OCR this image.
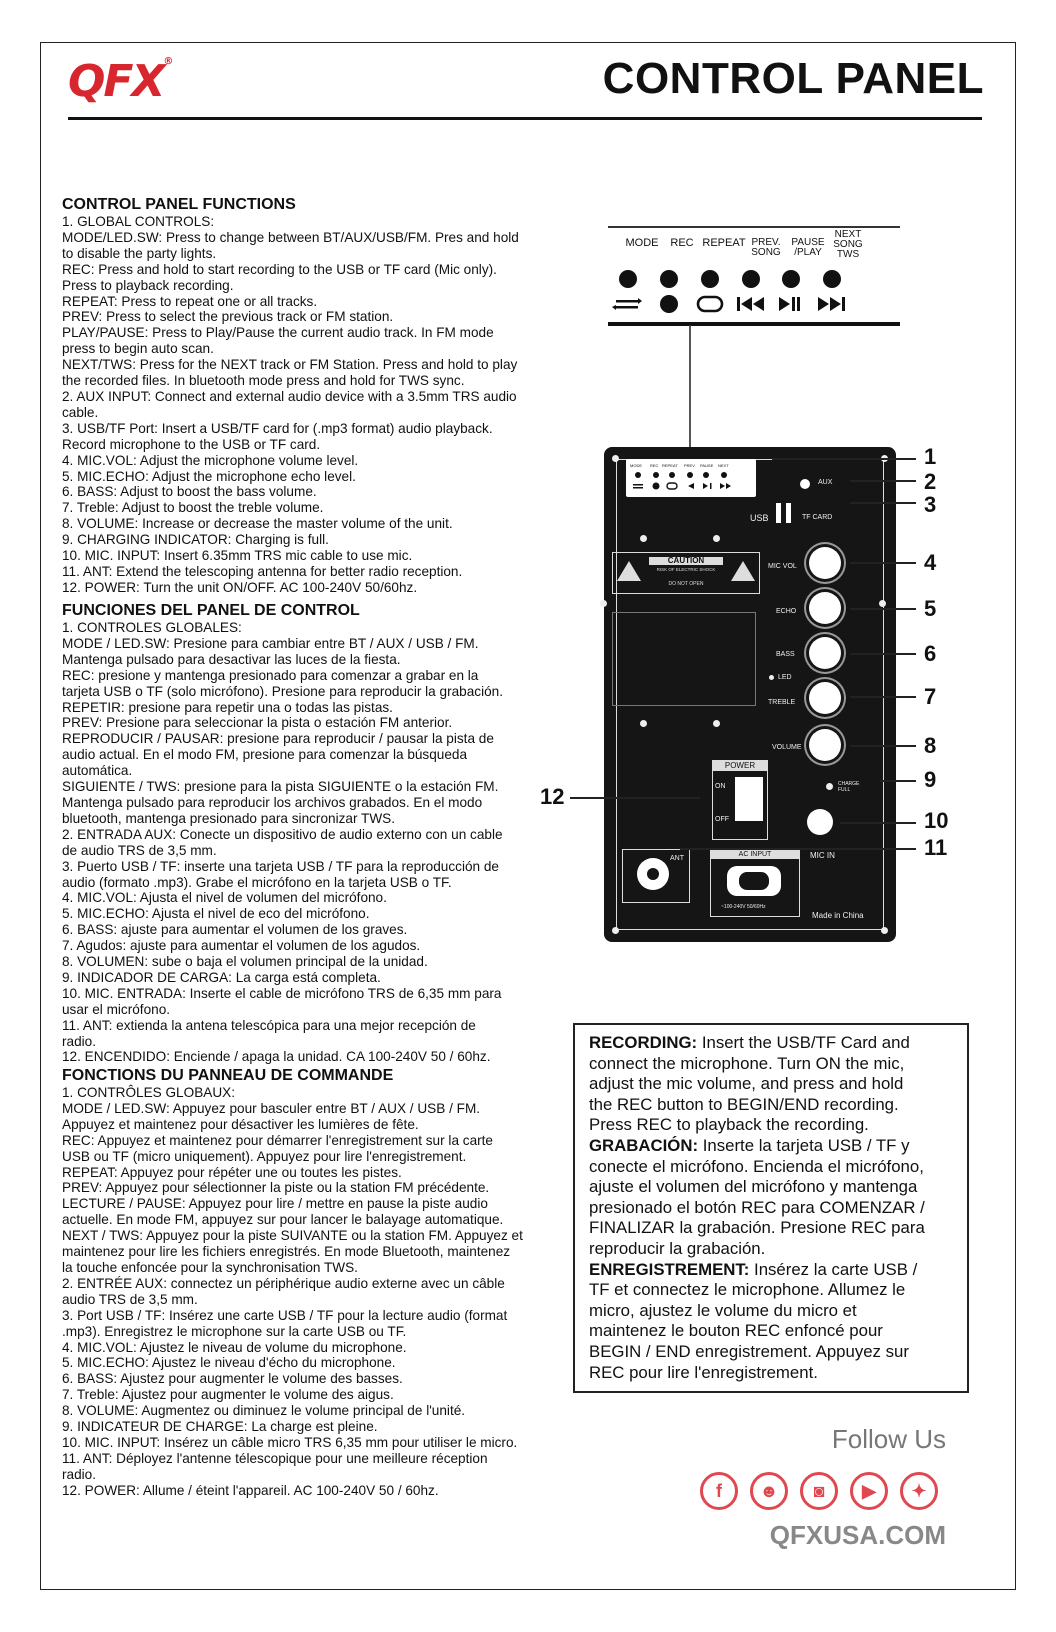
QFX®	CONTROL PANEL
CONTROL PANEL FUNCTIONS
1. GLOBAL CONTROLS:
MODE/LED.SW: Press to change between BT/AUX/USB/FM. Pres and hold
to disable the party lights.
REC: Press and hold to start recording to the USB or TF card (Mic only).
Press to playback recording.
REPEAT: Press to repeat one or all tracks.
PREV: Press to select the previous track or FM station.
PLAY/PAUSE: Press to Play/Pause the current audio track. In FM mode
press to begin auto scan.
NEXT/TWS: Press for the NEXT track or FM Station. Press and hold to play
the recorded files. In bluetooth mode press and hold for TWS sync.
2. AUX INPUT: Connect and external audio device with a 3.5mm TRS audio
cable.
3. USB/TF Port: Insert a USB/TF card for (.mp3 format) audio playback.
Record microphone to the USB or TF card.
4. MIC.VOL: Adjust the microphone volume level.
5. MIC.ECHO: Adjust the microphone echo level.
6. BASS: Adjust to boost the bass volume.
7. Treble: Adjust to boost the treble volume.
8. VOLUME: Increase or decrease the master volume of the unit.
9. CHARGING INDICATOR: Charging is full.
10. MIC. INPUT: Insert 6.35mm TRS mic cable to use mic.
11. ANT: Extend the telescoping antenna for better radio reception.
12. POWER: Turn the unit ON/OFF. AC 100-240V 50/60hz.
FUNCIONES DEL PANEL DE CONTROL
1. CONTROLES GLOBALES:
MODE / LED.SW: Presione para cambiar entre BT / AUX / USB / FM.
Mantenga pulsado para desactivar las luces de la fiesta.
REC: presione y mantenga presionado para comenzar a grabar en la
tarjeta USB o TF (solo micrófono). Presione para reproducir la grabación.
REPETIR: presione para repetir una o todas las pistas.
PREV: Presione para seleccionar la pista o estación FM anterior.
REPRODUCIR / PAUSAR: presione para reproducir / pausar la pista de
audio actual. En el modo FM, presione para comenzar la búsqueda
automática.
SIGUIENTE / TWS: presione para la pista SIGUIENTE o la estación FM.
Mantenga pulsado para reproducir los archivos grabados. En el modo
bluetooth, mantenga presionado para sincronizar TWS.
2. ENTRADA AUX: Conecte un dispositivo de audio externo con un cable
de audio TRS de 3,5 mm.
3. Puerto USB / TF: inserte una tarjeta USB / TF para la reproducción de
audio (formato .mp3). Grabe el micrófono en la tarjeta USB o TF.
4. MIC.VOL: Ajusta el nivel de volumen del micrófono.
5. MIC.ECHO: Ajusta el nivel de eco del micrófono.
6. BASS: ajuste para aumentar el volumen de los graves.
7. Agudos: ajuste para aumentar el volumen de los agudos.
8. VOLUMEN: sube o baja el volumen principal de la unidad.
9. INDICADOR DE CARGA: La carga está completa.
10. MIC. ENTRADA: Inserte el cable de micrófono TRS de 6,35 mm para
usar el micrófono.
11. ANT: extienda la antena telescópica para una mejor recepción de
radio.
12. ENCENDIDO: Enciende / apaga la unidad. CA 100-240V 50 / 60hz.
FONCTIONS DU PANNEAU DE COMMANDE
1. CONTRÔLES GLOBAUX:
MODE / LED.SW: Appuyez pour basculer entre BT / AUX / USB / FM.
Appuyez et maintenez pour désactiver les lumières de fête.
REC: Appuyez et maintenez pour démarrer l'enregistrement sur la carte
USB ou TF (micro uniquement). Appuyez pour lire l'enregistrement.
REPEAT: Appuyez pour répéter une ou toutes les pistes.
PREV: Appuyez pour sélectionner la piste ou la station FM précédente.
LECTURE / PAUSE: Appuyez pour lire / mettre en pause la piste audio
actuelle. En mode FM, appuyez sur pour lancer le balayage automatique.
NEXT / TWS: Appuyez pour la piste SUIVANTE ou la station FM. Appuyez et
maintenez pour lire les fichiers enregistrés. En mode Bluetooth, maintenez
la touche enfoncée pour la synchronisation TWS.
2. ENTRÉE AUX: connectez un périphérique audio externe avec un câble
audio TRS de 3,5 mm.
3. Port USB / TF: Insérez une carte USB / TF pour la lecture audio (format
.mp3). Enregistrez le microphone sur la carte USB ou TF.
4. MIC.VOL: Ajustez le niveau de volume du microphone.
5. MIC.ECHO: Ajustez le niveau d'écho du microphone.
6. BASS: Ajustez pour augmenter le volume des basses.
7. Treble: Ajustez pour augmenter le volume des aigus.
8. VOLUME: Augmentez ou diminuez le volume principal de l'unité.
9. INDICATEUR DE CHARGE: La charge est pleine.
10. MIC. INPUT: Insérez un câble micro TRS 6,35 mm pour utiliser le micro.
11. ANT: Déployez l'antenne télescopique pour une meilleure réception
radio.
12. POWER: Allume / éteint l'appareil. AC 100-240V 50 / 60hz.
MODE	REC REPEAT PREV. SONG
PAUSE /PLAY
NEXT SONG TWS
MODE REC REPEAT PREV PAUSE NEXT
AUX
USB	TF CARD
CAUTION
RISK OF ELECTRIC SHOCK
DO NOT OPEN
MIC VOL
ECHO
BASS
LED
TREBLE
VOLUME
POWER
ON
OFF
CHARGE
FULL
ANT
AC INPUT
~100-240V 50/60Hz
MIC IN
Made in China
1
2
3
4
5
6
7
8
9
10
11
12
RECORDING: Insert the USB/TF Card and
connect the microphone. Turn ON the mic,
adjust the mic volume, and press and hold
the REC button to BEGIN/END recording.
Press REC to playback the recording.
GRABACIÓN: Inserte la tarjeta USB / TF y
conecte el micrófono. Encienda el micrófono,
ajuste el volumen del micrófono y mantenga
presionado el botón REC para COMENZAR /
FINALIZAR la grabación. Presione REC para
reproducir la grabación.
ENREGISTREMENT: Insérez la carte USB /
TF et connectez le microphone. Allumez le
micro, ajustez le volume du micro et
maintenez le bouton REC enfoncé pour
BEGIN / END enregistrement. Appuyez sur
REC pour lire l'enregistrement.
Follow Us
f	☻	◙	▶	✦
QFXUSA.COM
